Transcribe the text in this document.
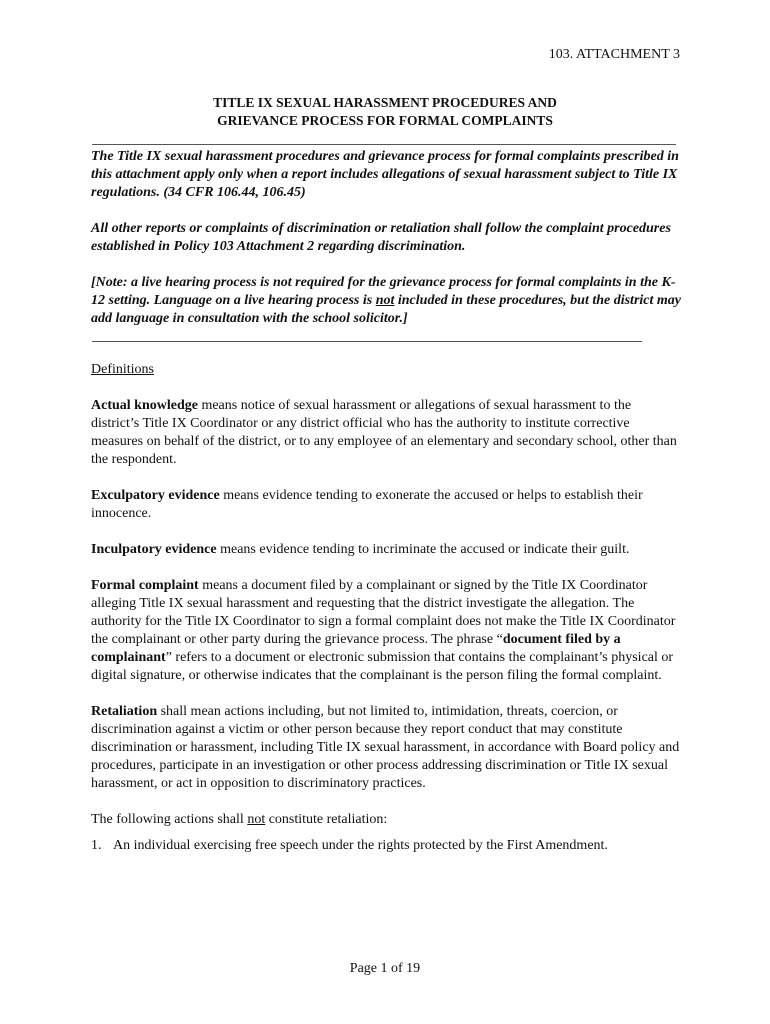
103. ATTACHMENT 3
TITLE IX SEXUAL HARASSMENT PROCEDURES AND
GRIEVANCE PROCESS FOR FORMAL COMPLAINTS

The Title IX sexual harassment procedures and grievance process for formal complaints prescribed in this attachment apply only when a report includes allegations of sexual harassment subject to Title IX regulations. (34 CFR 106.44, 106.45)

All other reports or complaints of discrimination or retaliation shall follow the complaint procedures established in Policy 103 Attachment 2 regarding discrimination.

[Note: a live hearing process is not required for the grievance process for formal complaints in the K-12 setting. Language on a live hearing process is not included in these procedures, but the district may add language in consultation with the school solicitor.]

Definitions

Actual knowledge means notice of sexual harassment or allegations of sexual harassment to the district’s Title IX Coordinator or any district official who has the authority to institute corrective measures on behalf of the district, or to any employee of an elementary and secondary school, other than the respondent.

Exculpatory evidence means evidence tending to exonerate the accused or helps to establish their innocence.

Inculpatory evidence means evidence tending to incriminate the accused or indicate their guilt.

Formal complaint means a document filed by a complainant or signed by the Title IX Coordinator alleging Title IX sexual harassment and requesting that the district investigate the allegation. The authority for the Title IX Coordinator to sign a formal complaint does not make the Title IX Coordinator the complainant or other party during the grievance process. The phrase “document filed by a complainant” refers to a document or electronic submission that contains the complainant’s physical or digital signature, or otherwise indicates that the complainant is the person filing the formal complaint.

Retaliation shall mean actions including, but not limited to, intimidation, threats, coercion, or discrimination against a victim or other person because they report conduct that may constitute discrimination or harassment, including Title IX sexual harassment, in accordance with Board policy and procedures, participate in an investigation or other process addressing discrimination or Title IX sexual harassment, or act in opposition to discriminatory practices.

The following actions shall not constitute retaliation:

1. An individual exercising free speech under the rights protected by the First Amendment.
Page 1 of 19
